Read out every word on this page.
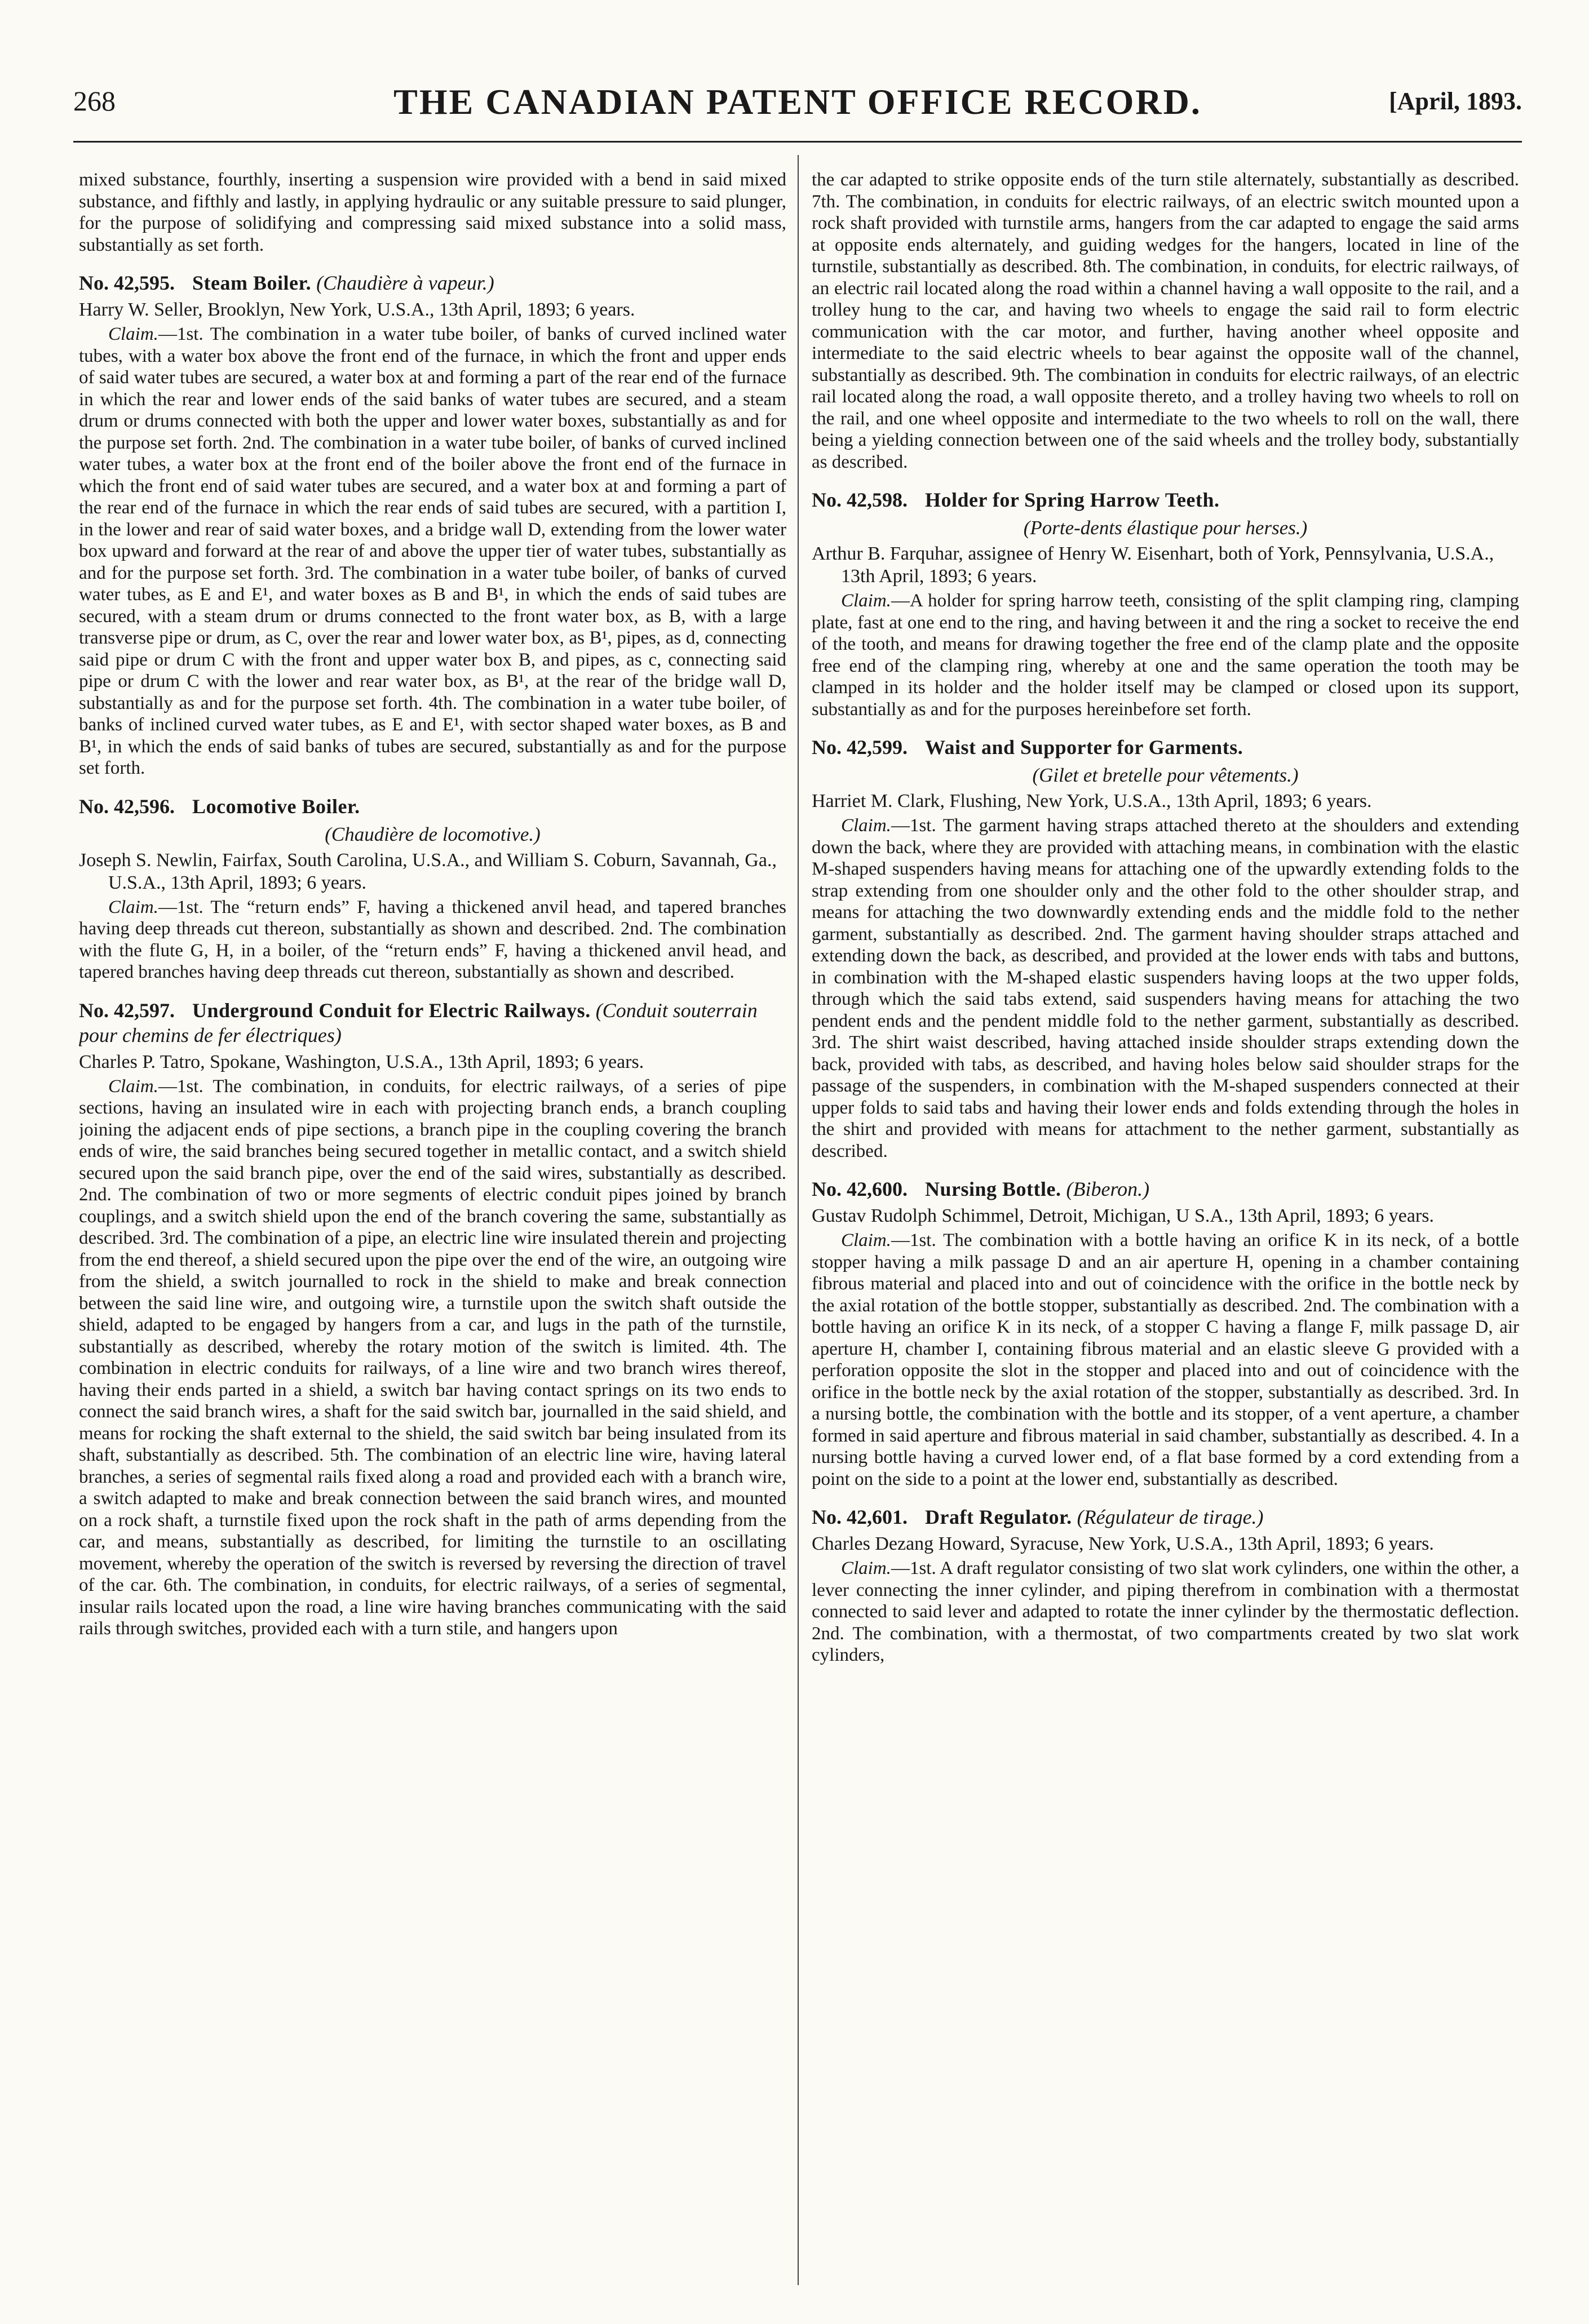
268	THE CANADIAN PATENT OFFICE RECORD.	[April, 1893.

mixed substance, fourthly, inserting a suspension wire provided with a bend in said mixed substance, and fifthly and lastly, in applying hydraulic or any suitable pressure to said plunger, for the purpose of solidifying and compressing said mixed substance into a solid mass, substantially as set forth.

No. 42,595. Steam Boiler. (Chaudière à vapeur.)

Harry W. Seller, Brooklyn, New York, U.S.A., 13th April, 1893; 6 years.

Claim.—1st. The combination in a water tube boiler, of banks of curved inclined water tubes, with a water box above the front end of the furnace, in which the front and upper ends of said water tubes are secured, a water box at and forming a part of the rear end of the furnace in which the rear and lower ends of the said banks of water tubes are secured, and a steam drum or drums connected with both the upper and lower water boxes, substantially as and for the purpose set forth. 2nd. The combination in a water tube boiler, of banks of curved inclined water tubes, a water box at the front end of the boiler above the front end of the furnace in which the front end of said water tubes are secured, and a water box at and forming a part of the rear end of the furnace in which the rear ends of said tubes are secured, with a partition I, in the lower and rear of said water boxes, and a bridge wall D, extending from the lower water box upward and forward at the rear of and above the upper tier of water tubes, substantially as and for the purpose set forth. 3rd. The combination in a water tube boiler, of banks of curved water tubes, as E and E¹, and water boxes as B and B¹, in which the ends of said tubes are secured, with a steam drum or drums connected to the front water box, as B, with a large transverse pipe or drum, as C, over the rear and lower water box, as B¹, pipes, as d, connecting said pipe or drum C with the front and upper water box B, and pipes, as c, connecting said pipe or drum C with the lower and rear water box, as B¹, at the rear of the bridge wall D, substantially as and for the purpose set forth. 4th. The combination in a water tube boiler, of banks of inclined curved water tubes, as E and E¹, with sector shaped water boxes, as B and B¹, in which the ends of said banks of tubes are secured, substantially as and for the purpose set forth.

No. 42,596. Locomotive Boiler.
(Chaudière de locomotive.)

Joseph S. Newlin, Fairfax, South Carolina, U.S.A., and William S. Coburn, Savannah, Ga., U.S.A., 13th April, 1893; 6 years.

Claim.—1st. The “return ends” F, having a thickened anvil head, and tapered branches having deep threads cut thereon, substantially as shown and described. 2nd. The combination with the flute G, H, in a boiler, of the “return ends” F, having a thickened anvil head, and tapered branches having deep threads cut thereon, substantially as shown and described.

No. 42,597. Underground Conduit for Electric Railways. (Conduit souterrain pour chemins de fer électriques)

Charles P. Tatro, Spokane, Washington, U.S.A., 13th April, 1893; 6 years.

Claim.—1st. The combination, in conduits, for electric railways, of a series of pipe sections, having an insulated wire in each with projecting branch ends, a branch coupling joining the adjacent ends of pipe sections, a branch pipe in the coupling covering the branch ends of wire, the said branches being secured together in metallic contact, and a switch shield secured upon the said branch pipe, over the end of the said wires, substantially as described. 2nd. The combination of two or more segments of electric conduit pipes joined by branch couplings, and a switch shield upon the end of the branch covering the same, substantially as described. 3rd. The combination of a pipe, an electric line wire insulated therein and projecting from the end thereof, a shield secured upon the pipe over the end of the wire, an outgoing wire from the shield, a switch journalled to rock in the shield to make and break connection between the said line wire, and outgoing wire, a turnstile upon the switch shaft outside the shield, adapted to be engaged by hangers from a car, and lugs in the path of the turnstile, substantially as described, whereby the rotary motion of the switch is limited. 4th. The combination in electric conduits for railways, of a line wire and two branch wires thereof, having their ends parted in a shield, a switch bar having contact springs on its two ends to connect the said branch wires, a shaft for the said switch bar, journalled in the said shield, and means for rocking the shaft external to the shield, the said switch bar being insulated from its shaft, substantially as described. 5th. The combination of an electric line wire, having lateral branches, a series of segmental rails fixed along a road and provided each with a branch wire, a switch adapted to make and break connection between the said branch wires, and mounted on a rock shaft, a turnstile fixed upon the rock shaft in the path of arms depending from the car, and means, substantially as described, for limiting the turnstile to an oscillating movement, whereby the operation of the switch is reversed by reversing the direction of travel of the car. 6th. The combination, in conduits, for electric railways, of a series of segmental, insular rails located upon the road, a line wire having branches communicating with the said rails through switches, provided each with a turn stile, and hangers upon

the car adapted to strike opposite ends of the turn stile alternately, substantially as described. 7th. The combination, in conduits for electric railways, of an electric switch mounted upon a rock shaft provided with turnstile arms, hangers from the car adapted to engage the said arms at opposite ends alternately, and guiding wedges for the hangers, located in line of the turnstile, substantially as described. 8th. The combination, in conduits, for electric railways, of an electric rail located along the road within a channel having a wall opposite to the rail, and a trolley hung to the car, and having two wheels to engage the said rail to form electric communication with the car motor, and further, having another wheel opposite and intermediate to the said electric wheels to bear against the opposite wall of the channel, substantially as described. 9th. The combination in conduits for electric railways, of an electric rail located along the road, a wall opposite thereto, and a trolley having two wheels to roll on the rail, and one wheel opposite and intermediate to the two wheels to roll on the wall, there being a yielding connection between one of the said wheels and the trolley body, substantially as described.

No. 42,598. Holder for Spring Harrow Teeth.
(Porte-dents élastique pour herses.)

Arthur B. Farquhar, assignee of Henry W. Eisenhart, both of York, Pennsylvania, U.S.A., 13th April, 1893; 6 years.

Claim.—A holder for spring harrow teeth, consisting of the split clamping ring, clamping plate, fast at one end to the ring, and having between it and the ring a socket to receive the end of the tooth, and means for drawing together the free end of the clamp plate and the opposite free end of the clamping ring, whereby at one and the same operation the tooth may be clamped in its holder and the holder itself may be clamped or closed upon its support, substantially as and for the purposes hereinbefore set forth.

No. 42,599. Waist and Supporter for Garments.
(Gilet et bretelle pour vêtements.)

Harriet M. Clark, Flushing, New York, U.S.A., 13th April, 1893; 6 years.

Claim.—1st. The garment having straps attached thereto at the shoulders and extending down the back, where they are provided with attaching means, in combination with the elastic M-shaped suspenders having means for attaching one of the upwardly extending folds to the strap extending from one shoulder only and the other fold to the other shoulder strap, and means for attaching the two downwardly extending ends and the middle fold to the nether garment, substantially as described. 2nd. The garment having shoulder straps attached and extending down the back, as described, and provided at the lower ends with tabs and buttons, in combination with the M-shaped elastic suspenders having loops at the two upper folds, through which the said tabs extend, said suspenders having means for attaching the two pendent ends and the pendent middle fold to the nether garment, substantially as described. 3rd. The shirt waist described, having attached inside shoulder straps extending down the back, provided with tabs, as described, and having holes below said shoulder straps for the passage of the suspenders, in combination with the M-shaped suspenders connected at their upper folds to said tabs and having their lower ends and folds extending through the holes in the shirt and provided with means for attachment to the nether garment, substantially as described.

No. 42,600. Nursing Bottle. (Biberon.)

Gustav Rudolph Schimmel, Detroit, Michigan, U S.A., 13th April, 1893; 6 years.

Claim.—1st. The combination with a bottle having an orifice K in its neck, of a bottle stopper having a milk passage D and an air aperture H, opening in a chamber containing fibrous material and placed into and out of coincidence with the orifice in the bottle neck by the axial rotation of the bottle stopper, substantially as described. 2nd. The combination with a bottle having an orifice K in its neck, of a stopper C having a flange F, milk passage D, air aperture H, chamber I, containing fibrous material and an elastic sleeve G provided with a perforation opposite the slot in the stopper and placed into and out of coincidence with the orifice in the bottle neck by the axial rotation of the stopper, substantially as described. 3rd. In a nursing bottle, the combination with the bottle and its stopper, of a vent aperture, a chamber formed in said aperture and fibrous material in said chamber, substantially as described. 4. In a nursing bottle having a curved lower end, of a flat base formed by a cord extending from a point on the side to a point at the lower end, substantially as described.

No. 42,601. Draft Regulator. (Régulateur de tirage.)

Charles Dezang Howard, Syracuse, New York, U.S.A., 13th April, 1893; 6 years.

Claim.—1st. A draft regulator consisting of two slat work cylinders, one within the other, a lever connecting the inner cylinder, and piping therefrom in combination with a thermostat connected to said lever and adapted to rotate the inner cylinder by the thermostatic deflection. 2nd. The combination, with a thermostat, of two compartments created by two slat work cylinders,
